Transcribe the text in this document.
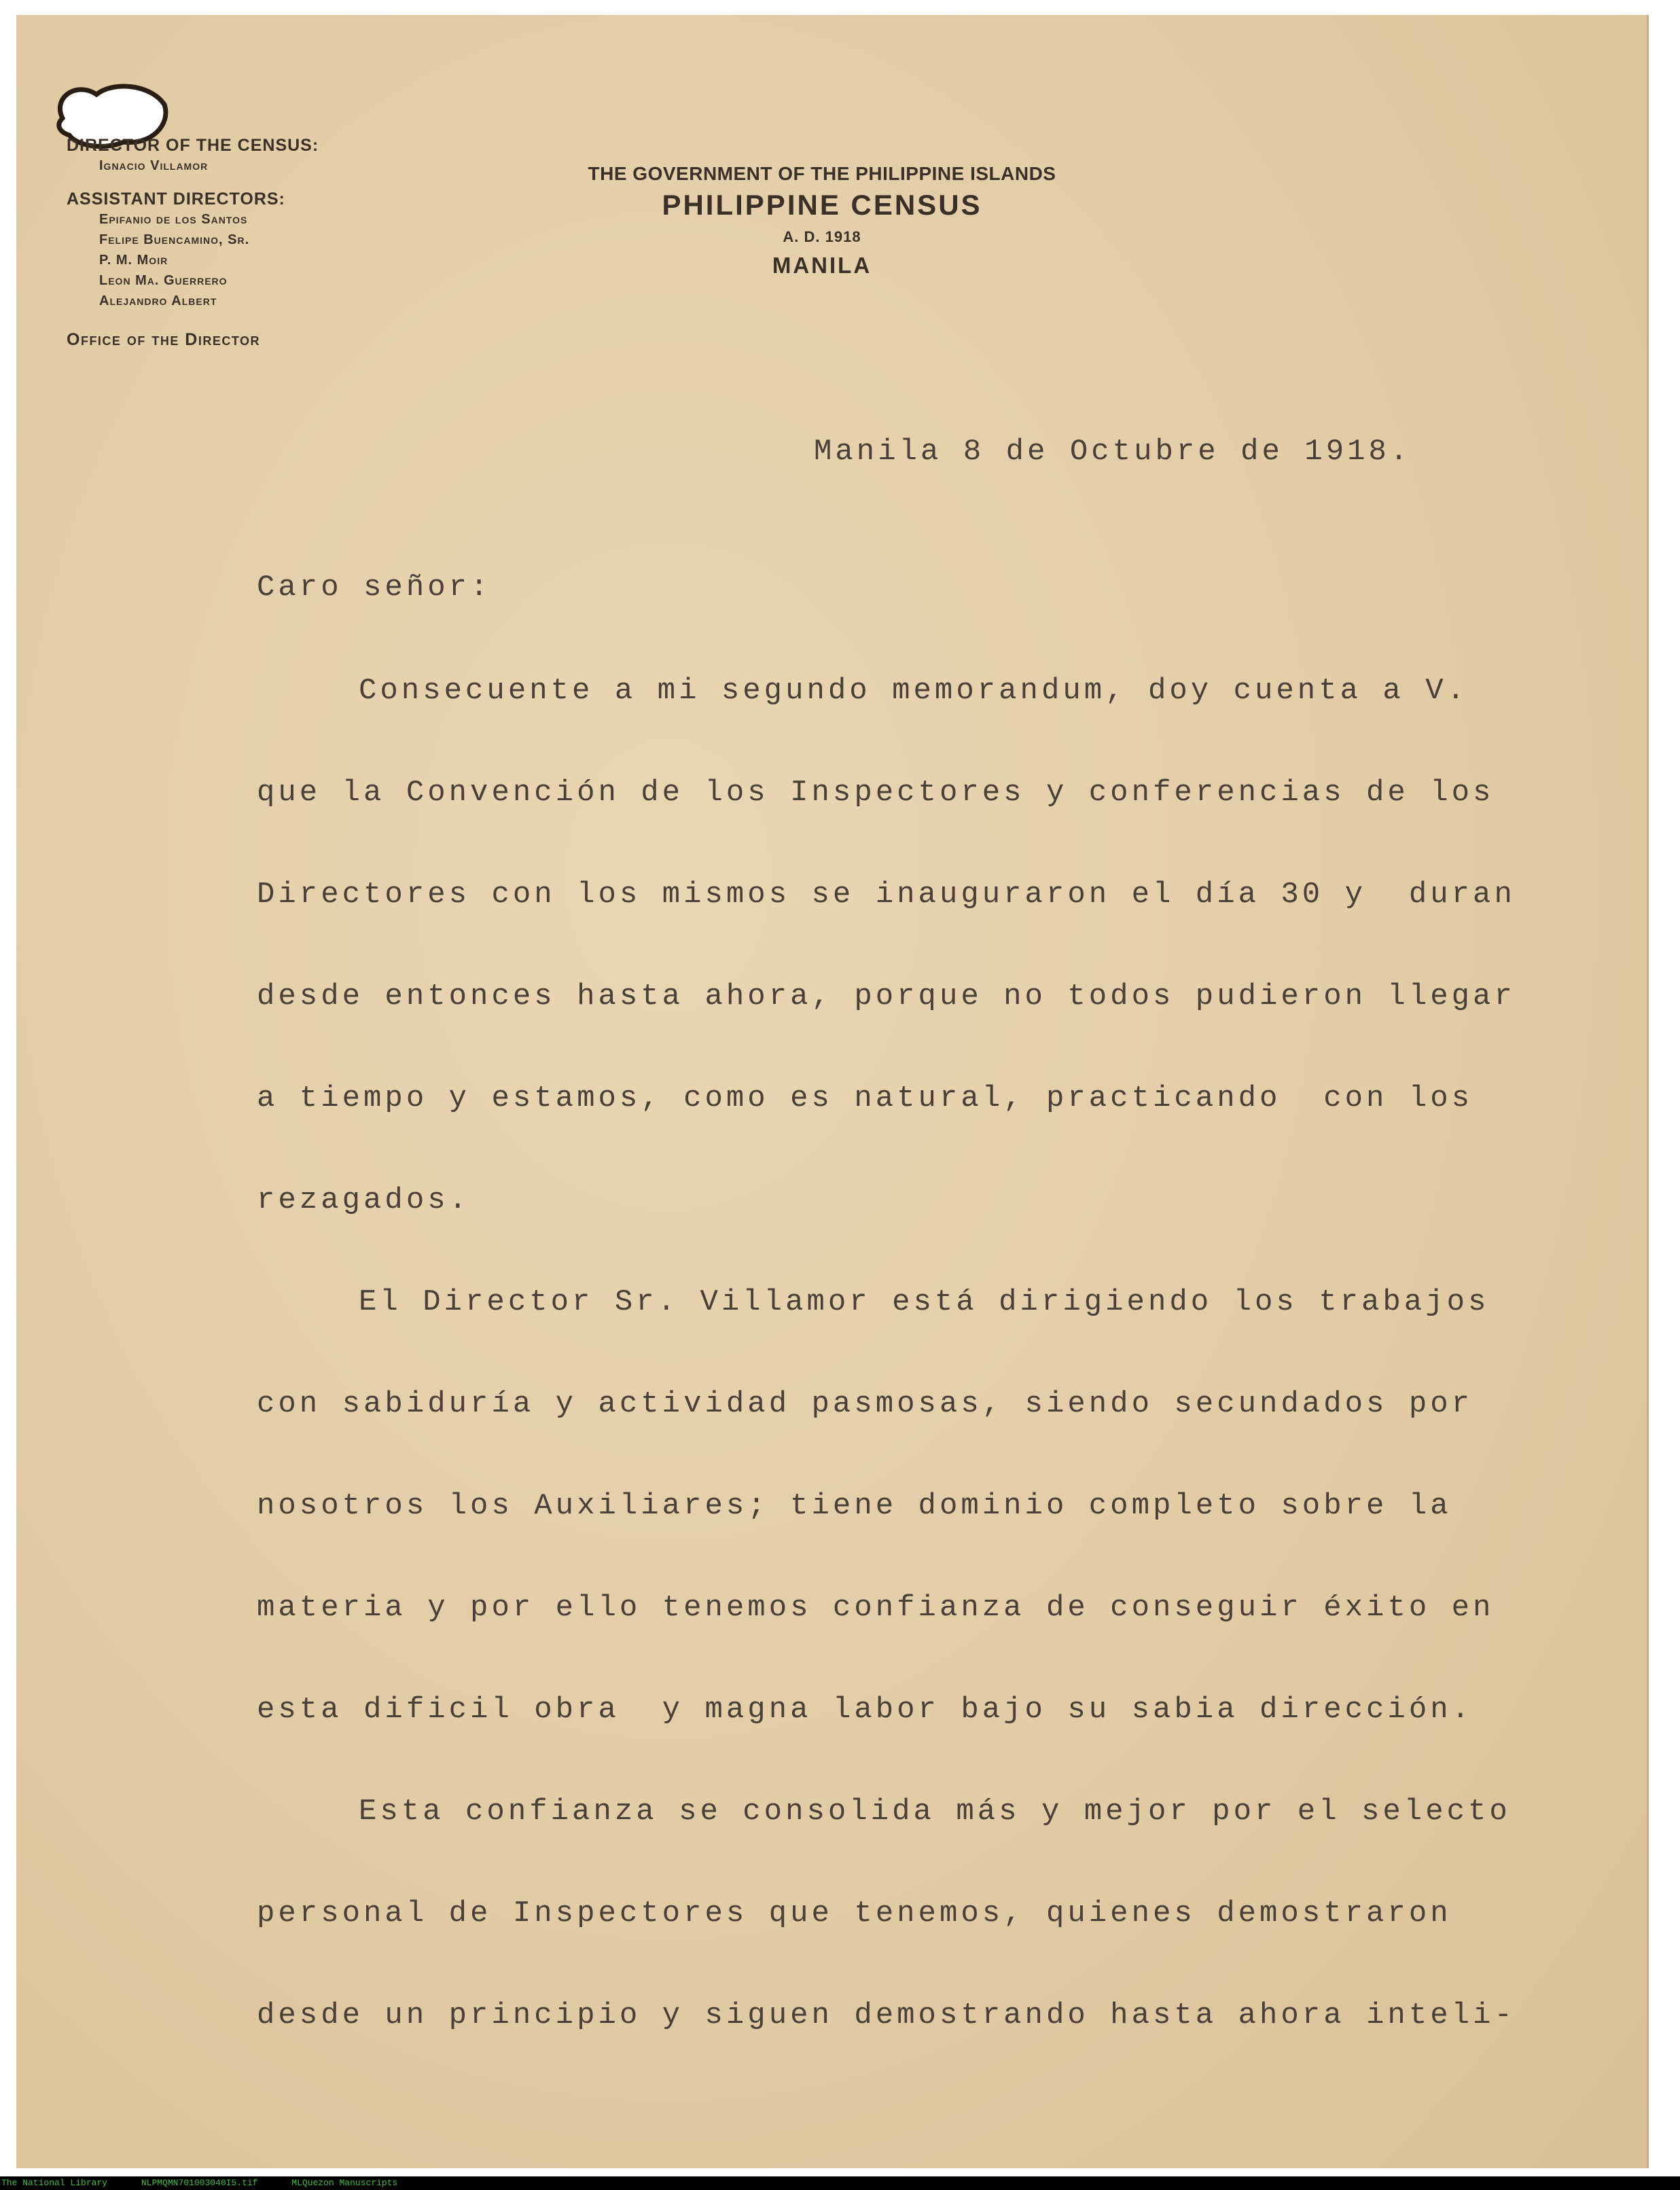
DIRECTOR OF THE CENSUS:
Ignacio Villamor
ASSISTANT DIRECTORS:
Epifanio de los Santos
Felipe Buencamino, Sr.
P. M. Moir
Leon Ma. Guerrero
Alejandro Albert
Office of the Director
THE GOVERNMENT OF THE PHILIPPINE ISLANDS
PHILIPPINE CENSUS
A. D. 1918
MANILA
Manila 8 de Octubre de 1918.
Caro señor:
Consecuente a mi segundo memorandum, doy cuenta a V.
que la Convención de los Inspectores y conferencias de los
Directores con los mismos se inauguraron el día 30 y  duran
desde entonces hasta ahora, porque no todos pudieron llegar
a tiempo y estamos, como es natural, practicando  con los
rezagados.
El Director Sr. Villamor está dirigiendo los trabajos
con sabiduría y actividad pasmosas, siendo secundados por
nosotros los Auxiliares; tiene dominio completo sobre la
materia y por ello tenemos confianza de conseguir éxito en
esta dificil obra  y magna labor bajo su sabia dirección.
Esta confianza se consolida más y mejor por el selecto
personal de Inspectores que tenemos, quienes demostraron
desde un principio y siguen demostrando hasta ahora inteli-
The National Library	NLPMQMN701003040I5.tif	MLQuezon Manuscripts
